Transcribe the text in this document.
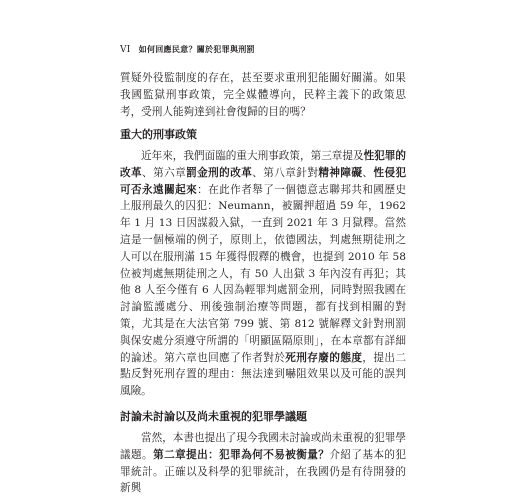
VI 如何回應民意？關於犯罪與刑罰

質疑外役監制度的存在，甚至要求重刑犯能關好關滿。如果我國監獄刑事政策，完全媒體導向，民粹主義下的政策思考，受刑人能夠達到社會復歸的目的嗎？

重大的刑事政策

近年來，我們面臨的重大刑事政策，第三章提及性犯罪的改革、第六章罰金刑的改革、第八章針對精神障礙、性侵犯可否永遠關起來：在此作者舉了一個德意志聯邦共和國歷史上服刑最久的囚犯：Neumann，被關押超過 59 年，1962 年 1 月 13 日因謀殺入獄，一直到 2021 年 3 月獄釋。當然這是一個極端的例子，原則上，依德國法，判處無期徒刑之人可以在服刑滿 15 年獲得假釋的機會，也提到 2010 年 58 位被判處無期徒刑之人，有 50 人出獄 3 年內沒有再犯；其他 8 人至今僅有 6 人因為輕罪判處罰金刑，同時對照我國在討論監護處分、刑後強制治療等問題，都有找到相關的對策，尤其是在大法官第 799 號、第 812 號解釋文針對刑罰與保安處分須遵守所謂的「明顯區隔原則」，在本章都有詳細的論述。第六章也回應了作者對於死刑存廢的態度，提出二點反對死刑存置的理由：無法達到嚇阻效果以及可能的誤判風險。

討論未討論以及尚未重視的犯罪學議題

當然，本書也提出了現今我國未討論或尚未重視的犯罪學議題。第二章提出：犯罪為何不易被衡量？介紹了基本的犯罪統計。正確以及科學的犯罪統計，在我國仍是有待開發的新興
